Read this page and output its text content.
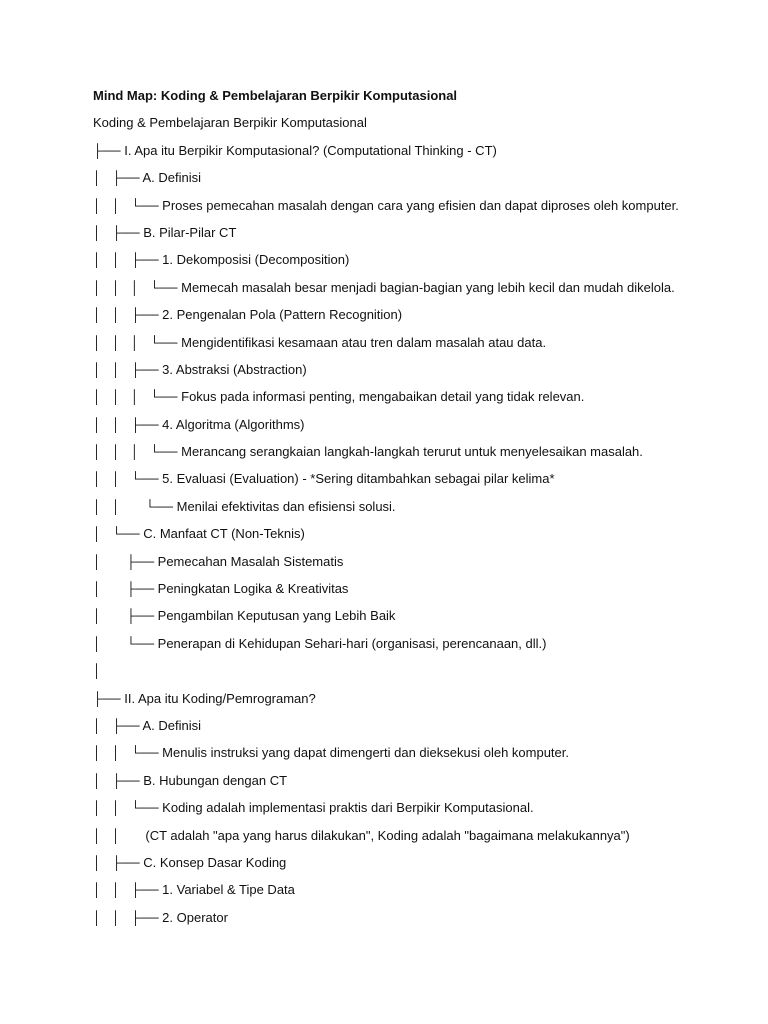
Mind Map: Koding & Pembelajaran Berpikir Komputasional
Koding & Pembelajaran Berpikir Komputasional
├── I. Apa itu Berpikir Komputasional? (Computational Thinking - CT)
│   ├── A. Definisi
│   │   └── Proses pemecahan masalah dengan cara yang efisien dan dapat diproses oleh komputer.
│   ├── B. Pilar-Pilar CT
│   │   ├── 1. Dekomposisi (Decomposition)
│   │   │   └── Memecah masalah besar menjadi bagian-bagian yang lebih kecil dan mudah dikelola.
│   │   ├── 2. Pengenalan Pola (Pattern Recognition)
│   │   │   └── Mengidentifikasi kesamaan atau tren dalam masalah atau data.
│   │   ├── 3. Abstraksi (Abstraction)
│   │   │   └── Fokus pada informasi penting, mengabaikan detail yang tidak relevan.
│   │   ├── 4. Algoritma (Algorithms)
│   │   │   └── Merancang serangkaian langkah-langkah terurut untuk menyelesaikan masalah.
│   │   └── 5. Evaluasi (Evaluation) - *Sering ditambahkan sebagai pilar kelima*
│   │       └── Menilai efektivitas dan efisiensi solusi.
│   └── C. Manfaat CT (Non-Teknis)
│       ├── Pemecahan Masalah Sistematis
│       ├── Peningkatan Logika & Kreativitas
│       ├── Pengambilan Keputusan yang Lebih Baik
│       └── Penerapan di Kehidupan Sehari-hari (organisasi, perencanaan, dll.)
│
├── II. Apa itu Koding/Pemrograman?
│   ├── A. Definisi
│   │   └── Menulis instruksi yang dapat dimengerti dan dieksekusi oleh komputer.
│   ├── B. Hubungan dengan CT
│   │   └── Koding adalah implementasi praktis dari Berpikir Komputasional.
│   │       (CT adalah "apa yang harus dilakukan", Koding adalah "bagaimana melakukannya")
│   ├── C. Konsep Dasar Koding
│   │   ├── 1. Variabel & Tipe Data
│   │   ├── 2. Operator
